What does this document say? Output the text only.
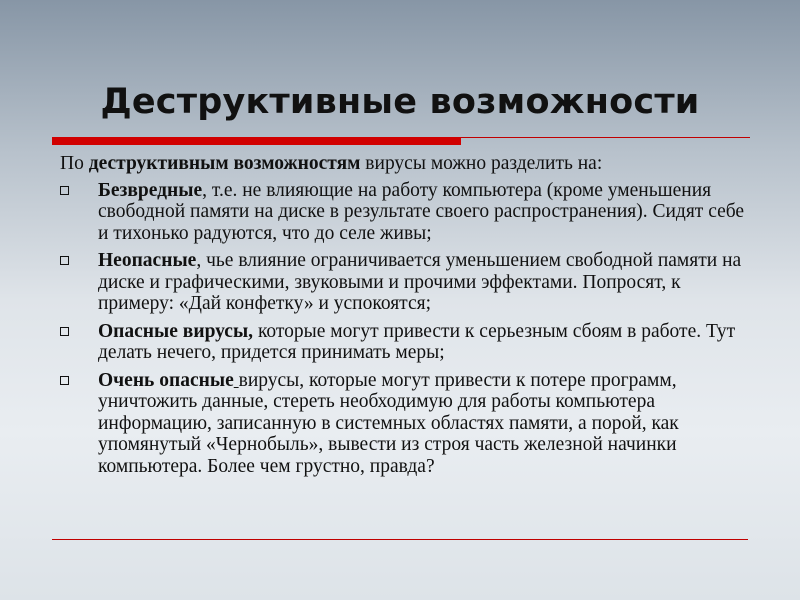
Деструктивные возможности

По деструктивным возможностям вирусы можно разделить на:

Безвредные, т.е. не влияющие на работу компьютера (кроме уменьшения свободной памяти на диске в результате своего распространения). Сидят себе и тихонько радуются, что до селе живы;
Неопасные, чье влияние ограничивается уменьшением свободной памяти на диске и графическими, звуковыми и прочими эффектами. Попросят, к примеру: «Дай конфетку» и успокоятся;
Опасные вирусы, которые могут привести к серьезным сбоям в работе. Тут делать нечего, придется принимать меры;
Очень опасные вирусы, которые могут привести к потере программ, уничтожить данные, стереть необходимую для работы компьютера информацию, записанную в системных областях памяти, а порой, как упомянутый «Чернобыль», вывести из строя часть железной начинки компьютера. Более чем грустно, правда?
